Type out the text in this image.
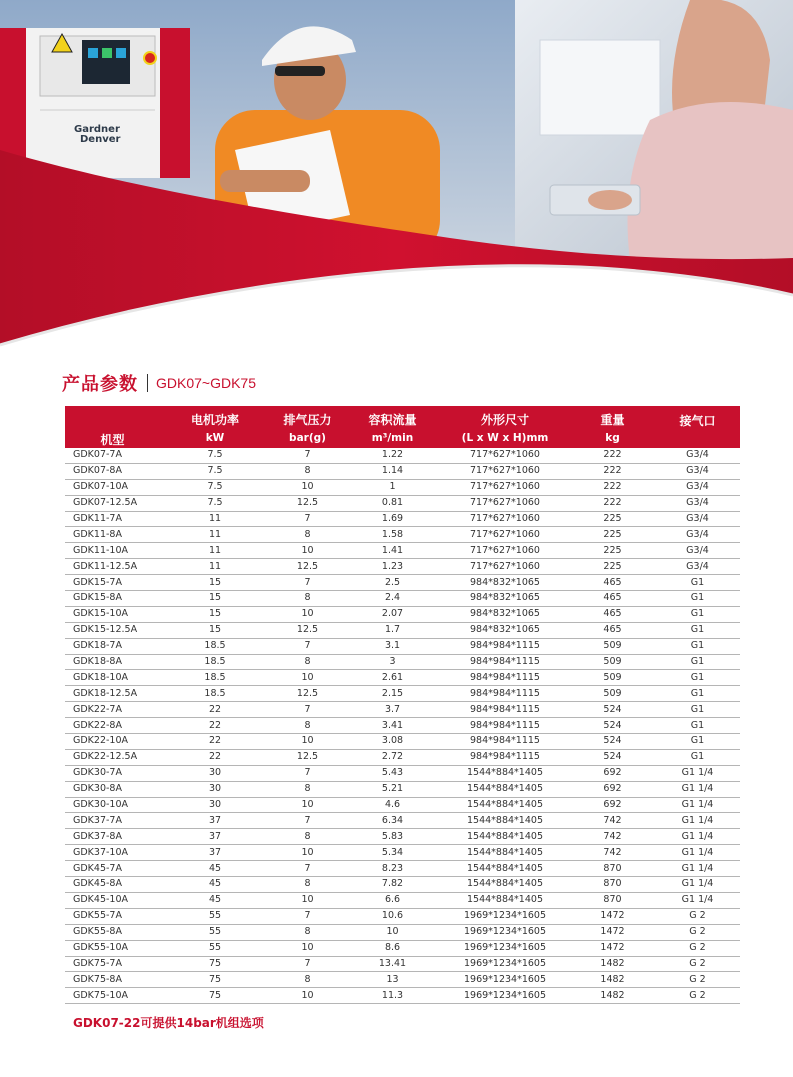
Gardner
Denver
产品参数 GDK07~GDK75
机型	电机功率	排气压力	容积流量	外形尺寸	重量	接气口
	kW	bar(g)	m³/min	(L x W x H)mm	kg	
GDK07-7A	7.5	7	1.22	717*627*1060	222	G3/4
GDK07-8A	7.5	8	1.14	717*627*1060	222	G3/4
GDK07-10A	7.5	10	1	717*627*1060	222	G3/4
GDK07-12.5A	7.5	12.5	0.81	717*627*1060	222	G3/4
GDK11-7A	11	7	1.69	717*627*1060	225	G3/4
GDK11-8A	11	8	1.58	717*627*1060	225	G3/4
GDK11-10A	11	10	1.41	717*627*1060	225	G3/4
GDK11-12.5A	11	12.5	1.23	717*627*1060	225	G3/4
GDK15-7A	15	7	2.5	984*832*1065	465	G1
GDK15-8A	15	8	2.4	984*832*1065	465	G1
GDK15-10A	15	10	2.07	984*832*1065	465	G1
GDK15-12.5A	15	12.5	1.7	984*832*1065	465	G1
GDK18-7A	18.5	7	3.1	984*984*1115	509	G1
GDK18-8A	18.5	8	3	984*984*1115	509	G1
GDK18-10A	18.5	10	2.61	984*984*1115	509	G1
GDK18-12.5A	18.5	12.5	2.15	984*984*1115	509	G1
GDK22-7A	22	7	3.7	984*984*1115	524	G1
GDK22-8A	22	8	3.41	984*984*1115	524	G1
GDK22-10A	22	10	3.08	984*984*1115	524	G1
GDK22-12.5A	22	12.5	2.72	984*984*1115	524	G1
GDK30-7A	30	7	5.43	1544*884*1405	692	G1 1/4
GDK30-8A	30	8	5.21	1544*884*1405	692	G1 1/4
GDK30-10A	30	10	4.6	1544*884*1405	692	G1 1/4
GDK37-7A	37	7	6.34	1544*884*1405	742	G1 1/4
GDK37-8A	37	8	5.83	1544*884*1405	742	G1 1/4
GDK37-10A	37	10	5.34	1544*884*1405	742	G1 1/4
GDK45-7A	45	7	8.23	1544*884*1405	870	G1 1/4
GDK45-8A	45	8	7.82	1544*884*1405	870	G1 1/4
GDK45-10A	45	10	6.6	1544*884*1405	870	G1 1/4
GDK55-7A	55	7	10.6	1969*1234*1605	1472	G 2
GDK55-8A	55	8	10	1969*1234*1605	1472	G 2
GDK55-10A	55	10	8.6	1969*1234*1605	1472	G 2
GDK75-7A	75	7	13.41	1969*1234*1605	1482	G 2
GDK75-8A	75	8	13	1969*1234*1605	1482	G 2
GDK75-10A	75	10	11.3	1969*1234*1605	1482	G 2
GDK07-22可提供14bar机组选项
